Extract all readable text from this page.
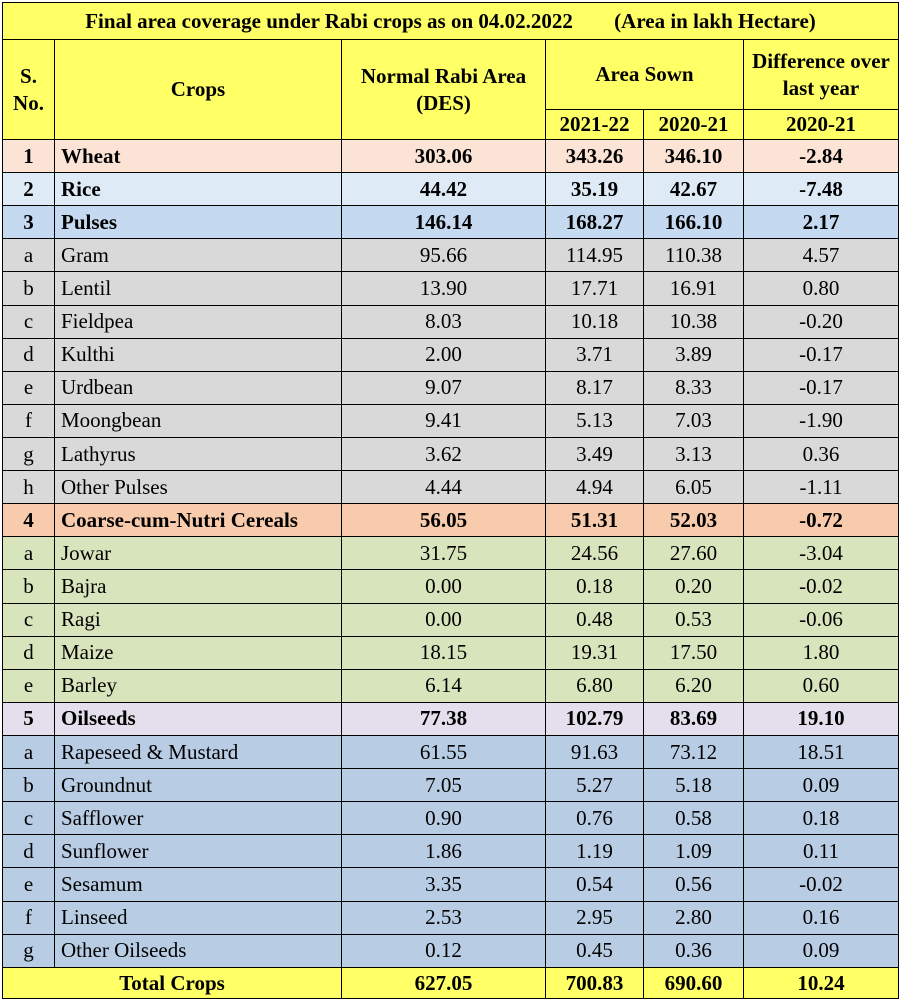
Final area coverage under Rabi crops as on 04.02.2022 (Area in lakh Hectare)					
S. No.	Crops	Normal Rabi Area (DES)	Area Sown		Difference over last year
			2021-22	2020-21	2020-21
1	Wheat	303.06	343.26	346.10	-2.84
2	Rice	44.42	35.19	42.67	-7.48
3	Pulses	146.14	168.27	166.10	2.17
a	Gram	95.66	114.95	110.38	4.57
b	Lentil	13.90	17.71	16.91	0.80
c	Fieldpea	8.03	10.18	10.38	-0.20
d	Kulthi	2.00	3.71	3.89	-0.17
e	Urdbean	9.07	8.17	8.33	-0.17
f	Moongbean	9.41	5.13	7.03	-1.90
g	Lathyrus	3.62	3.49	3.13	0.36
h	Other Pulses	4.44	4.94	6.05	-1.11
4	Coarse-cum-Nutri Cereals	56.05	51.31	52.03	-0.72
a	Jowar	31.75	24.56	27.60	-3.04
b	Bajra	0.00	0.18	0.20	-0.02
c	Ragi	0.00	0.48	0.53	-0.06
d	Maize	18.15	19.31	17.50	1.80
e	Barley	6.14	6.80	6.20	0.60
5	Oilseeds	77.38	102.79	83.69	19.10
a	Rapeseed & Mustard	61.55	91.63	73.12	18.51
b	Groundnut	7.05	5.27	5.18	0.09
c	Safflower	0.90	0.76	0.58	0.18
d	Sunflower	1.86	1.19	1.09	0.11
e	Sesamum	3.35	0.54	0.56	-0.02
f	Linseed	2.53	2.95	2.80	0.16
g	Other Oilseeds	0.12	0.45	0.36	0.09
Total Crops		627.05	700.83	690.60	10.24
